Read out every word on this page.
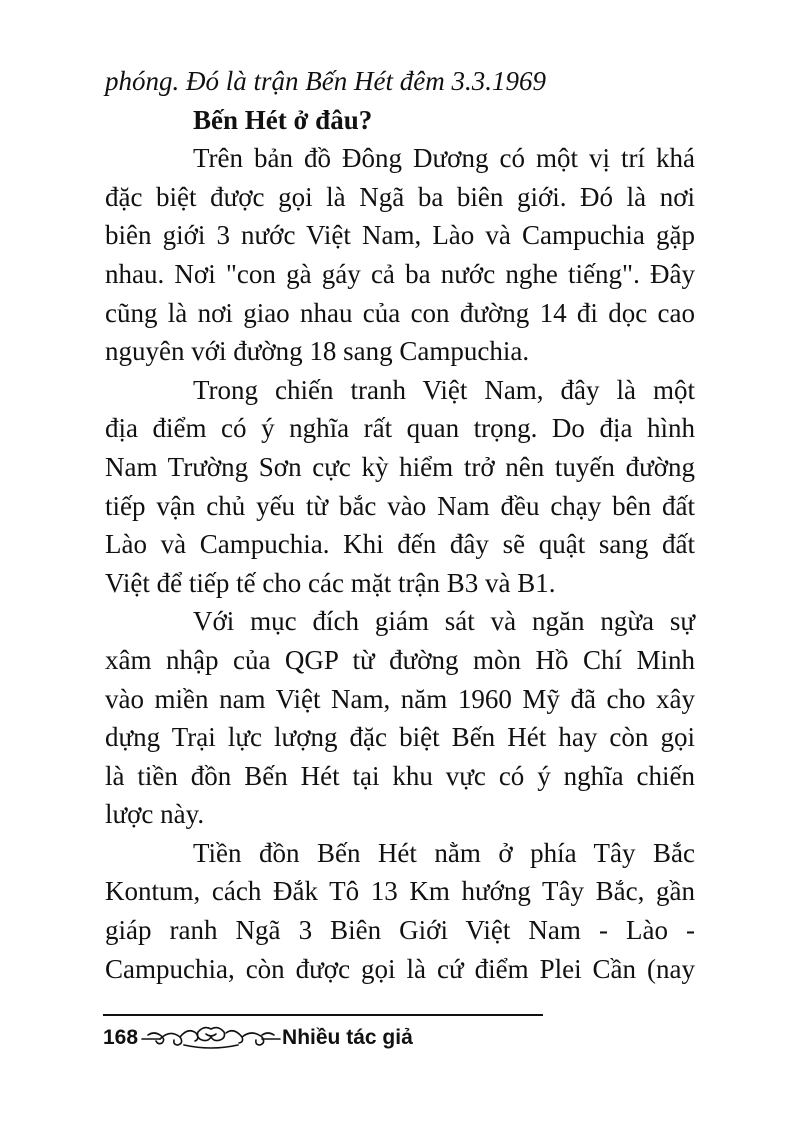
phóng. Đó là trận Bến Hét đêm 3.3.1969

Bến Hét ở đâu?

Trên bản đồ Đông Dương có một vị trí khá

đặc biệt được gọi là Ngã ba biên giới. Đó là nơi

biên giới 3 nước Việt Nam, Lào và Campuchia gặp

nhau. Nơi "con gà gáy cả ba nước nghe tiếng". Đây

cũng là nơi giao nhau của con đường 14 đi dọc cao

nguyên với đường 18 sang Campuchia.

Trong chiến tranh Việt Nam, đây là một

địa điểm có ý nghĩa rất quan trọng. Do địa hình

Nam Trường Sơn cực kỳ hiểm trở nên tuyến đường

tiếp vận chủ yếu từ bắc vào Nam đều chạy bên đất

Lào và Campuchia. Khi đến đây sẽ quật sang đất

Việt để tiếp tế cho các mặt trận B3 và B1.

Với mục đích giám sát và ngăn ngừa sự

xâm nhập của QGP từ đường mòn Hồ Chí Minh

vào miền nam Việt Nam, năm 1960 Mỹ đã cho xây

dựng Trại lực lượng đặc biệt Bến Hét hay còn gọi

là tiền đồn Bến Hét tại khu vực có ý nghĩa chiến

lược này.

Tiền đồn Bến Hét nằm ở phía Tây Bắc

Kontum, cách Đắk Tô 13 Km hướng Tây Bắc, gần

giáp ranh Ngã 3 Biên Giới Việt Nam - Lào -

Campuchia, còn được gọi là cứ điểm Plei Cần (nay

168	Nhiều tác giả
